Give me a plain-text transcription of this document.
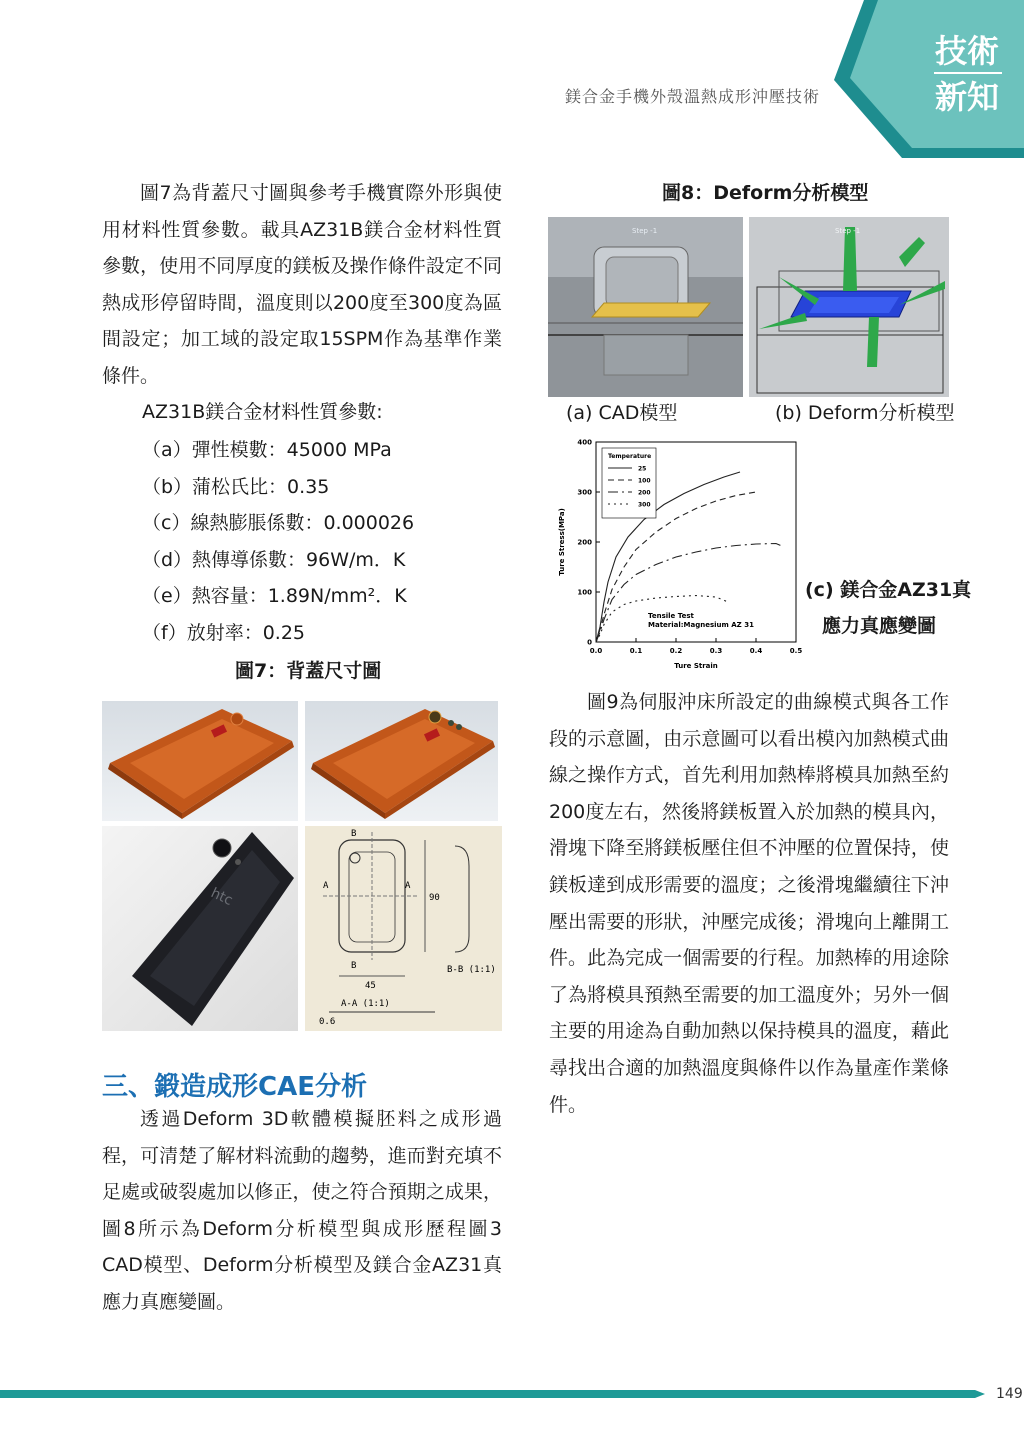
鎂合金手機外殼溫熱成形沖壓技術
技術
新知
圖7為背蓋尺寸圖與參考手機實際外形與使用材料性質參數。載具AZ31B鎂合金材料性質參數，使用不同厚度的鎂板及操作條件設定不同熱成形停留時間，溫度則以200度至300度為區間設定；加工域的設定取15SPM作為基準作業條件。
AZ31B鎂合金材料性質參數:
（a）彈性模數：45000 MPa
（b）蒲松氏比：0.35
（c）線熱膨脹係數：0.000026
（d）熱傳導係數：96W/m．K
（e）熱容量：1.89N/mm²．K
（f）放射率：0.25
圖7：背蓋尺寸圖
htc
B
B
A	A
90
45
B-B (1:1)
A-A (1:1)
0.6
三、鍛造成形CAE分析
透過Deform 3D軟體模擬胚料之成形過程，可清楚了解材料流動的趨勢，進而對充填不足處或破裂處加以修正，使之符合預期之成果，圖8所示為Deform分析模型與成形歷程圖3 CAD模型、Deform分析模型及鎂合金AZ31真應力真應變圖。
圖8：Deform分析模型
Step -1	Step -1
(a) CAD模型	(b) Deform分析模型
0.0	0.1	0.2	0.3	0.4	0.5
0
100
200
300
400
Temperature
25
100
200
300
Tensile Test
Material:Magnesium AZ 31
Ture Strain
Ture Stress(MPa)
(c) 鎂合金AZ31真
應力真應變圖
圖9為伺服沖床所設定的曲線模式與各工作段的示意圖，由示意圖可以看出模內加熱模式曲線之操作方式，首先利用加熱棒將模具加熱至約200度左右，然後將鎂板置入於加熱的模具內，滑塊下降至將鎂板壓住但不沖壓的位置保持，使鎂板達到成形需要的溫度；之後滑塊繼續往下沖壓出需要的形狀，沖壓完成後；滑塊向上離開工件。此為完成一個需要的行程。加熱棒的用途除了為將模具預熱至需要的加工溫度外；另外一個主要的用途為自動加熱以保持模具的溫度，藉此尋找出合適的加熱溫度與條件以作為量產作業條件。
149
